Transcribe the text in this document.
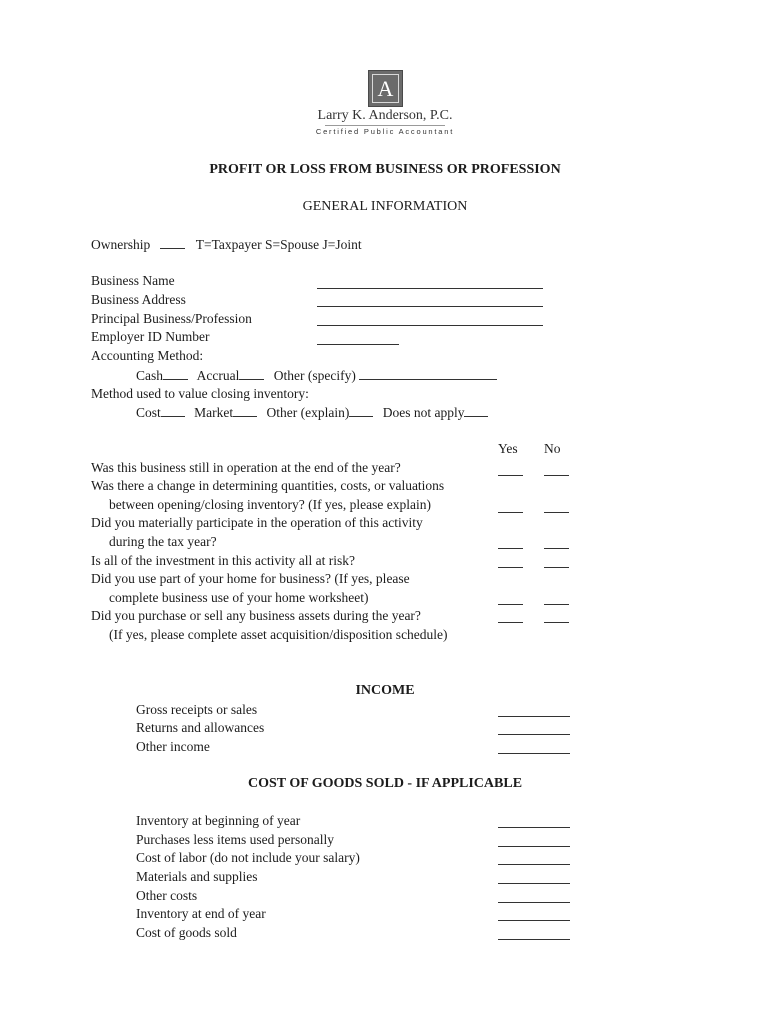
A
Larry K. Anderson, P.C.
Certified Public Accountant
PROFIT OR LOSS FROM BUSINESS OR PROFESSION
GENERAL INFORMATION
Ownership	T=Taxpayer S=Spouse J=Joint
Business Name
Business Address
Principal Business/Profession
Employer ID Number
Accounting Method:
Cash Accrual	Other (specify)
Method used to value closing inventory:
Cost Market Other (explain) Does not apply
Yes No
Was this business still in operation at the end of the year?
Was there a change in determining quantities, costs, or valuations
between opening/closing inventory? (If yes, please explain)
Did you materially participate in the operation of this activity
during the tax year?
Is all of the investment in this activity all at risk?
Did you use part of your home for business? (If yes, please
complete business use of your home worksheet)
Did you purchase or sell any business assets during the year?
(If yes, please complete asset acquisition/disposition schedule)
INCOME
Gross receipts or sales
Returns and allowances
Other income
COST OF GOODS SOLD - IF APPLICABLE
Inventory at beginning of year
Purchases less items used personally
Cost of labor (do not include your salary)
Materials and supplies
Other costs
Inventory at end of year
Cost of goods sold
